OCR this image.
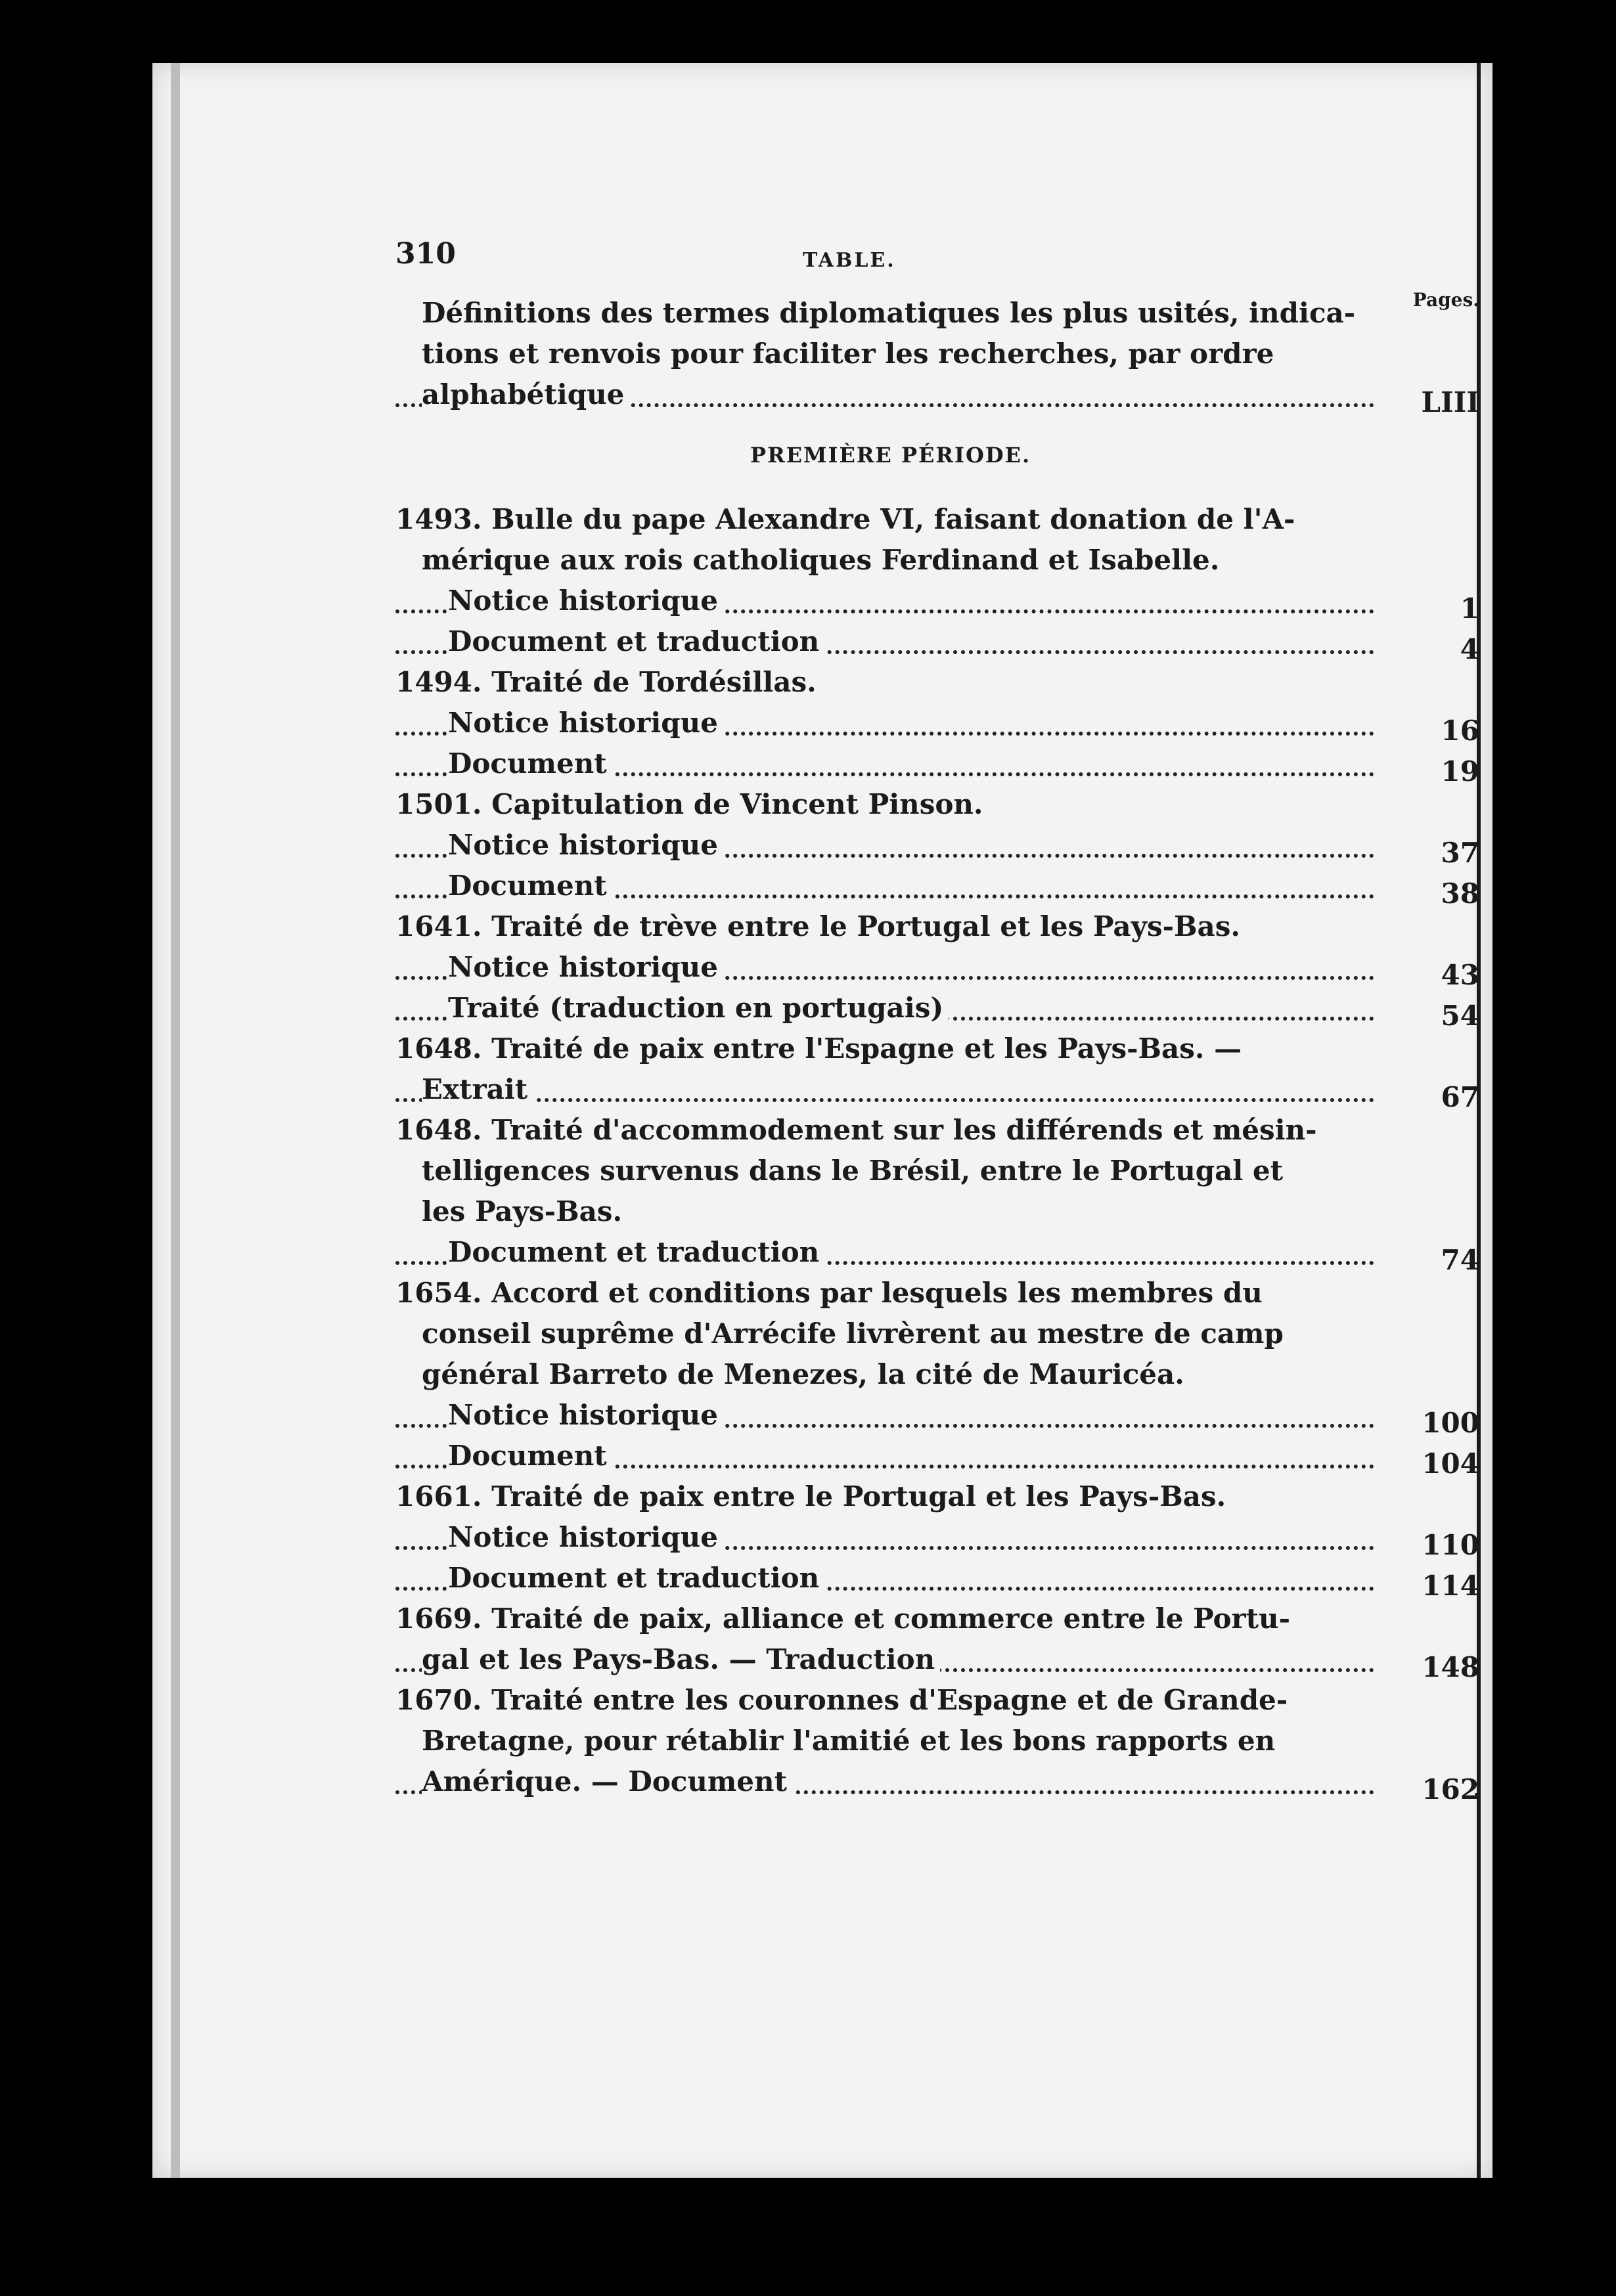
310	TABLE.
Pages.
Définitions des termes diplomatiques les plus usités, indica-
tions et renvois pour faciliter les recherches, par ordre
alphabétique	LIII
PREMIÈRE PÉRIODE.
1493. Bulle du pape Alexandre VI, faisant donation de l'A-
mérique aux rois catholiques Ferdinand et Isabelle.
Notice historique	1
Document et traduction	4
1494. Traité de Tordésillas.
Notice historique	16
Document	19
1501. Capitulation de Vincent Pinson.
Notice historique	37
Document	38
1641. Traité de trève entre le Portugal et les Pays-Bas.
Notice historique	43
Traité (traduction en portugais)	54
1648. Traité de paix entre l'Espagne et les Pays-Bas. —
Extrait	67
1648. Traité d'accommodement sur les différends et mésin-
telligences survenus dans le Brésil, entre le Portugal et
les Pays-Bas.
Document et traduction	74
1654. Accord et conditions par lesquels les membres du
conseil suprême d'Arrécife livrèrent au mestre de camp
général Barreto de Menezes, la cité de Mauricéa.
Notice historique	100
Document	104
1661. Traité de paix entre le Portugal et les Pays-Bas.
Notice historique	110
Document et traduction	114
1669. Traité de paix, alliance et commerce entre le Portu-
gal et les Pays-Bas. — Traduction	148
1670. Traité entre les couronnes d'Espagne et de Grande-
Bretagne, pour rétablir l'amitié et les bons rapports en
Amérique. — Document	162
